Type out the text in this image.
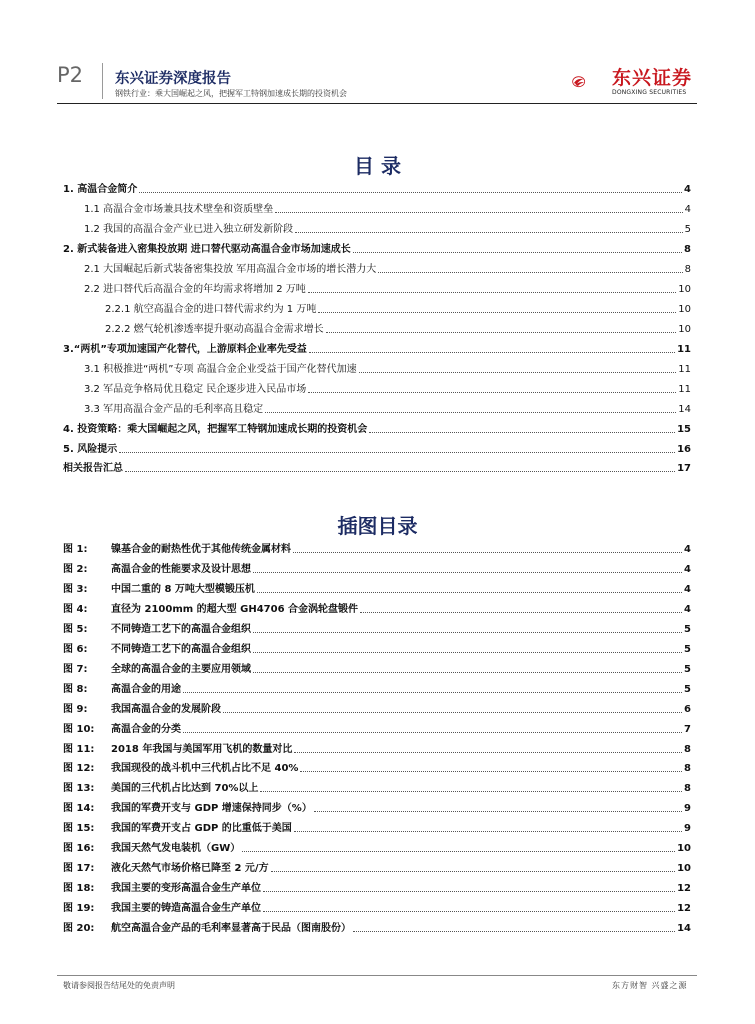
P2 东兴证券深度报告
钢铁行业：乘大国崛起之风，把握军工特钢加速成长期的投资机会
东兴证券
DONGXING SECURITIES
目 录
1. 高温合金简介	4
1.1 高温合金市场兼具技术壁垒和资质壁垒	4
1.2 我国的高温合金产业已进入独立研发新阶段	5
2. 新式装备进入密集投放期 进口替代驱动高温合金市场加速成长	8
2.1 大国崛起后新式装备密集投放 军用高温合金市场的增长潜力大	8
2.2 进口替代后高温合金的年均需求将增加 2 万吨	10
2.2.1 航空高温合金的进口替代需求约为 1 万吨	10
2.2.2 燃气轮机渗透率提升驱动高温合金需求增长	10
3.“两机”专项加速国产化替代，上游原料企业率先受益	11
3.1 积极推进“两机”专项 高温合金企业受益于国产化替代加速	11
3.2 军品竞争格局优且稳定 民企逐步进入民品市场	11
3.3 军用高温合金产品的毛利率高且稳定	14
4. 投资策略：乘大国崛起之风，把握军工特钢加速成长期的投资机会	15
5. 风险提示	16
相关报告汇总	17
插图目录
图 1:	镍基合金的耐热性优于其他传统金属材料	4
图 2:	高温合金的性能要求及设计思想	4
图 3:	中国二重的 8 万吨大型模锻压机	4
图 4:	直径为 2100mm 的超大型 GH4706 合金涡轮盘锻件	4
图 5:	不同铸造工艺下的高温合金组织	5
图 6:	不同铸造工艺下的高温合金组织	5
图 7:	全球的高温合金的主要应用领域	5
图 8:	高温合金的用途	5
图 9:	我国高温合金的发展阶段	6
图 10:	高温合金的分类	7
图 11:	2018 年我国与美国军用飞机的数量对比	8
图 12:	我国现役的战斗机中三代机占比不足 40%	8
图 13:	美国的三代机占比达到 70%以上	8
图 14:	我国的军费开支与 GDP 增速保持同步（%）	9
图 15:	我国的军费开支占 GDP 的比重低于美国	9
图 16:	我国天然气发电装机（GW）	10
图 17:	液化天然气市场价格已降至 2 元/方	10
图 18:	我国主要的变形高温合金生产单位	12
图 19:	我国主要的铸造高温合金生产单位	12
图 20:	航空高温合金产品的毛利率显著高于民品（图南股份）	14
敬请参阅报告结尾处的免责声明	东方财智 兴盛之源
